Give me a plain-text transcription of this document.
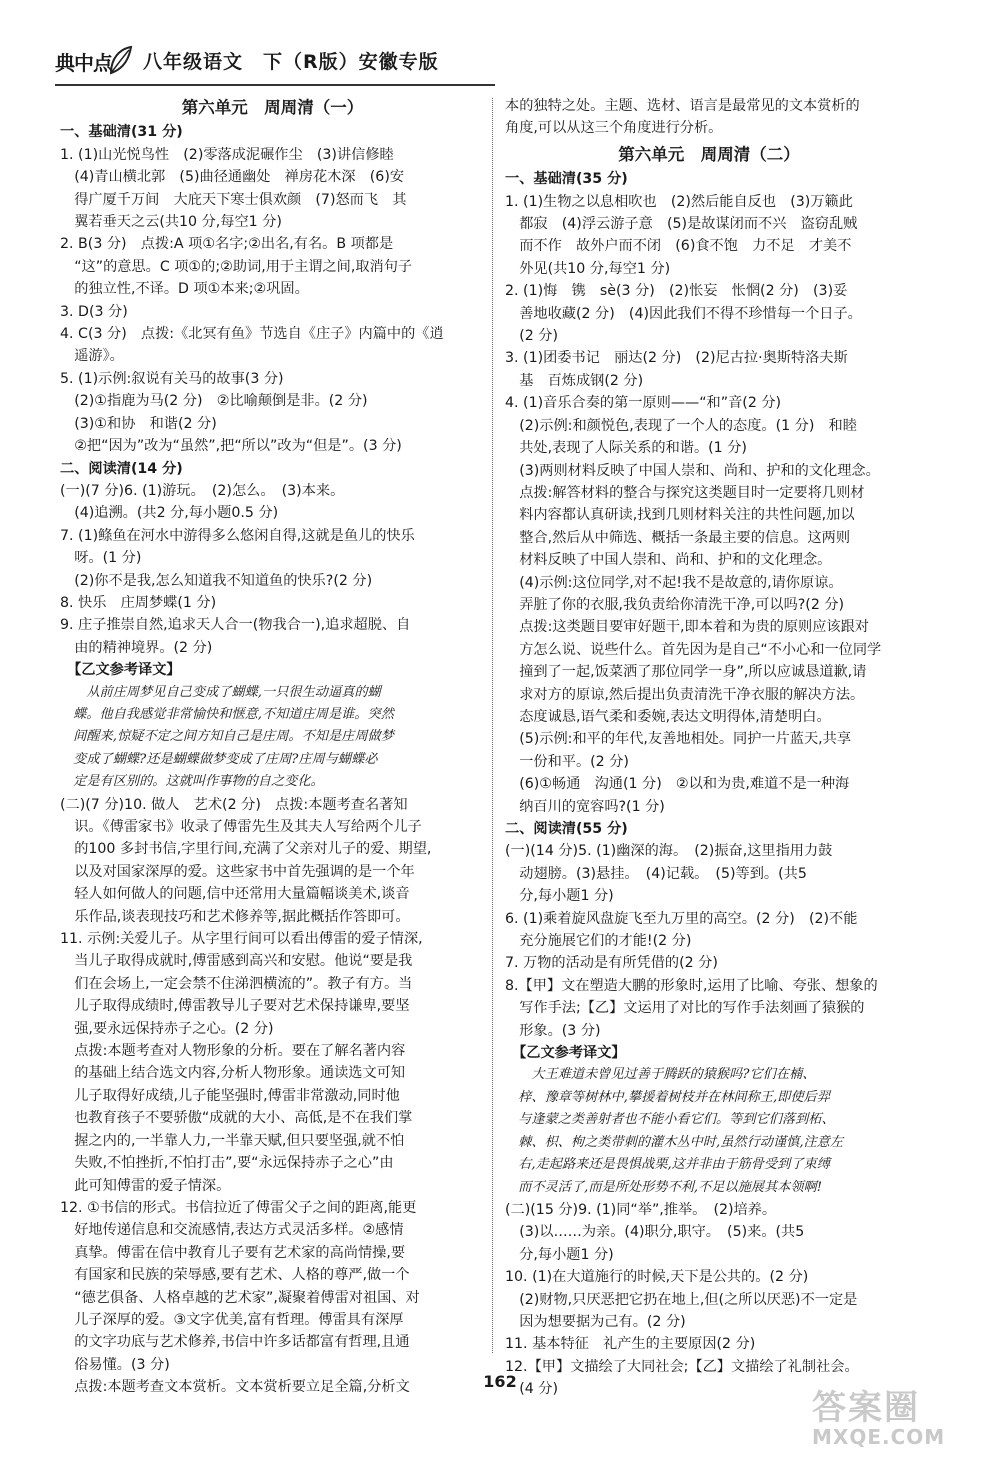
典中点 八年级语文　下（R版）安徽专版
第六单元　周周清（一）
一、基础清(31 分)
1. (1)山光悦鸟性　(2)零落成泥碾作尘　(3)讲信修睦
　(4)青山横北郭　(5)曲径通幽处　禅房花木深　(6)安
　得广厦千万间　大庇天下寒士俱欢颜　(7)怒而飞　其
　翼若垂天之云(共10 分,每空1 分)
2. B(3 分)　点拨:A 项①名字;②出名,有名。B 项都是
　“这”的意思。C 项①的;②助词,用于主谓之间,取消句子
　的独立性,不译。D 项①本来;②巩固。
3. D(3 分)
4. C(3 分)　点拨:《北冥有鱼》节选自《庄子》内篇中的《逍
　遥游》。
5. (1)示例:叙说有关马的故事(3 分)
　(2)①指鹿为马(2 分)　②比喻颠倒是非。(2 分)
　(3)①和协　和谐(2 分)
　②把“因为”改为“虽然”,把“所以”改为“但是”。(3 分)
二、阅读清(14 分)
(一)(7 分)6. (1)游玩。　(2)怎么。　(3)本来。
　(4)追溯。(共2 分,每小题0.5 分)
7. (1)鲦鱼在河水中游得多么悠闲自得,这就是鱼儿的快乐
　呀。(1 分)
　(2)你不是我,怎么知道我不知道鱼的快乐?(2 分)
8. 快乐　庄周梦蝶(1 分)
9. 庄子推崇自然,追求天人合一(物我合一),追求超脱、自
　由的精神境界。(2 分)
　【乙文参考译文】
　　从前庄周梦见自己变成了蝴蝶,一只很生动逼真的蝴
　蝶。他自我感觉非常愉快和惬意,不知道庄周是谁。突然
　间醒来,惊疑不定之间方知自己是庄周。不知是庄周做梦
　变成了蝴蝶?还是蝴蝶做梦变成了庄周?庄周与蝴蝶必
　定是有区别的。这就叫作事物的自之变化。
(二)(7 分)10. 做人　艺术(2 分)　点拨:本题考查名著知
　识。《傅雷家书》收录了傅雷先生及其夫人写给两个儿子
　的100 多封书信,字里行间,充满了父亲对儿子的爱、期望,
　以及对国家深厚的爱。这些家书中首先强调的是一个年
　轻人如何做人的问题,信中还常用大量篇幅谈美术,谈音
　乐作品,谈表现技巧和艺术修养等,据此概括作答即可。
11. 示例:关爱儿子。从字里行间可以看出傅雷的爱子情深,
　当儿子取得成就时,傅雷感到高兴和安慰。他说“要是我
　们在会场上,一定会禁不住涕泗横流的”。教子有方。当
　儿子取得成绩时,傅雷教导儿子要对艺术保持谦卑,要坚
　强,要永远保持赤子之心。(2 分)
　点拨:本题考查对人物形象的分析。要在了解名著内容
　的基础上结合选文内容,分析人物形象。通读选文可知
　儿子取得好成绩,儿子能坚强时,傅雷非常激动,同时他
　也教育孩子不要骄傲“成就的大小、高低,是不在我们掌
　握之内的,一半靠人力,一半靠天赋,但只要坚强,就不怕
　失败,不怕挫折,不怕打击”,要“永远保持赤子之心”由
　此可知傅雷的爱子情深。
12. ①书信的形式。书信拉近了傅雷父子之间的距离,能更
　好地传递信息和交流感情,表达方式灵活多样。②感情
　真挚。傅雷在信中教育儿子要有艺术家的高尚情操,要
　有国家和民族的荣辱感,要有艺术、人格的尊严,做一个
　“德艺俱备、人格卓越的艺术家”,凝聚着傅雷对祖国、对
　儿子深厚的爱。③文字优美,富有哲理。傅雷具有深厚
　的文字功底与艺术修养,书信中许多话都富有哲理,且通
　俗易懂。(3 分)
　点拨:本题考查文本赏析。文本赏析要立足全篇,分析文
本的独特之处。主题、选材、语言是最常见的文本赏析的
角度,可以从这三个角度进行分析。
第六单元　周周清（二）
一、基础清(35 分)
1. (1)生物之以息相吹也　(2)然后能自反也　(3)万籁此
　都寂　(4)浮云游子意　(5)是故谋闭而不兴　盗窃乱贼
　而不作　故外户而不闭　(6)食不饱　力不足　才美不
　外见(共10 分,每空1 分)
2. (1)悔　镌　sè(3 分)　(2)怅妄　怅惘(2 分)　(3)妥
　善地收藏(2 分)　(4)因此我们不得不珍惜每一个日子。
　(2 分)
3. (1)团委书记　丽达(2 分)　(2)尼古拉·奥斯特洛夫斯
　基　百炼成钢(2 分)
4. (1)音乐合奏的第一原则——“和”音(2 分)
　(2)示例:和颜悦色,表现了一个人的态度。(1 分)　和睦
　共处,表现了人际关系的和谐。(1 分)
　(3)两则材料反映了中国人崇和、尚和、护和的文化理念。
　点拨:解答材料的整合与探究这类题目时一定要将几则材
　料内容都认真研读,找到几则材料关注的共性问题,加以
　整合,然后从中筛选、概括一条最主要的信息。这两则
　材料反映了中国人崇和、尚和、护和的文化理念。
　(4)示例:这位同学,对不起!我不是故意的,请你原谅。
　弄脏了你的衣服,我负责给你清洗干净,可以吗?(2 分)
　点拨:这类题目要审好题干,即本着和为贵的原则应该跟对
　方怎么说、说些什么。首先因为是自己“不小心和一位同学
　撞到了一起,饭菜洒了那位同学一身”,所以应诚恳道歉,请
　求对方的原谅,然后提出负责清洗干净衣服的解决方法。
　态度诚恳,语气柔和委婉,表达文明得体,清楚明白。
　(5)示例:和平的年代,友善地相处。同护一片蓝天,共享
　一份和平。(2 分)
　(6)①畅通　沟通(1 分)　②以和为贵,难道不是一种海
　纳百川的宽容吗?(1 分)
二、阅读清(55 分)
(一)(14 分)5. (1)幽深的海。　(2)振奋,这里指用力鼓
　动翅膀。(3)悬挂。　(4)记载。　(5)等到。(共5
　分,每小题1 分)
6. (1)乘着旋风盘旋飞至九万里的高空。(2 分)　(2)不能
　充分施展它们的才能!(2 分)
7. 万物的活动是有所凭借的(2 分)
8.【甲】文在塑造大鹏的形象时,运用了比喻、夸张、想象的
　写作手法;【乙】文运用了对比的写作手法刻画了猿猴的
　形象。(3 分)
　【乙文参考译文】
　　大王难道未曾见过善于腾跃的猿猴吗?它们在楠、
　梓、豫章等树林中,攀援着树枝并在林间称王,即使后羿
　与逢蒙之类善射者也不能小看它们。等到它们落到柘、
　棘、枳、枸之类带刺的灌木丛中时,虽然行动谨慎,注意左
　右,走起路来还是畏惧战栗,这并非由于筋骨受到了束缚
　而不灵活了,而是所处形势不利,不足以施展其本领啊!
(二)(15 分)9. (1)同“举”,推举。　(2)培养。
　(3)以……为亲。(4)职分,职守。　(5)来。(共5
　分,每小题1 分)
10. (1)在大道施行的时候,天下是公共的。(2 分)
　(2)财物,只厌恶把它扔在地上,但(之所以厌恶)不一定是
　因为想要据为己有。(2 分)
11. 基本特征　礼产生的主要原因(2 分)
12.【甲】文描绘了大同社会;【乙】文描绘了礼制社会。
　(4 分)
162
答案圈
MXQE.COM
